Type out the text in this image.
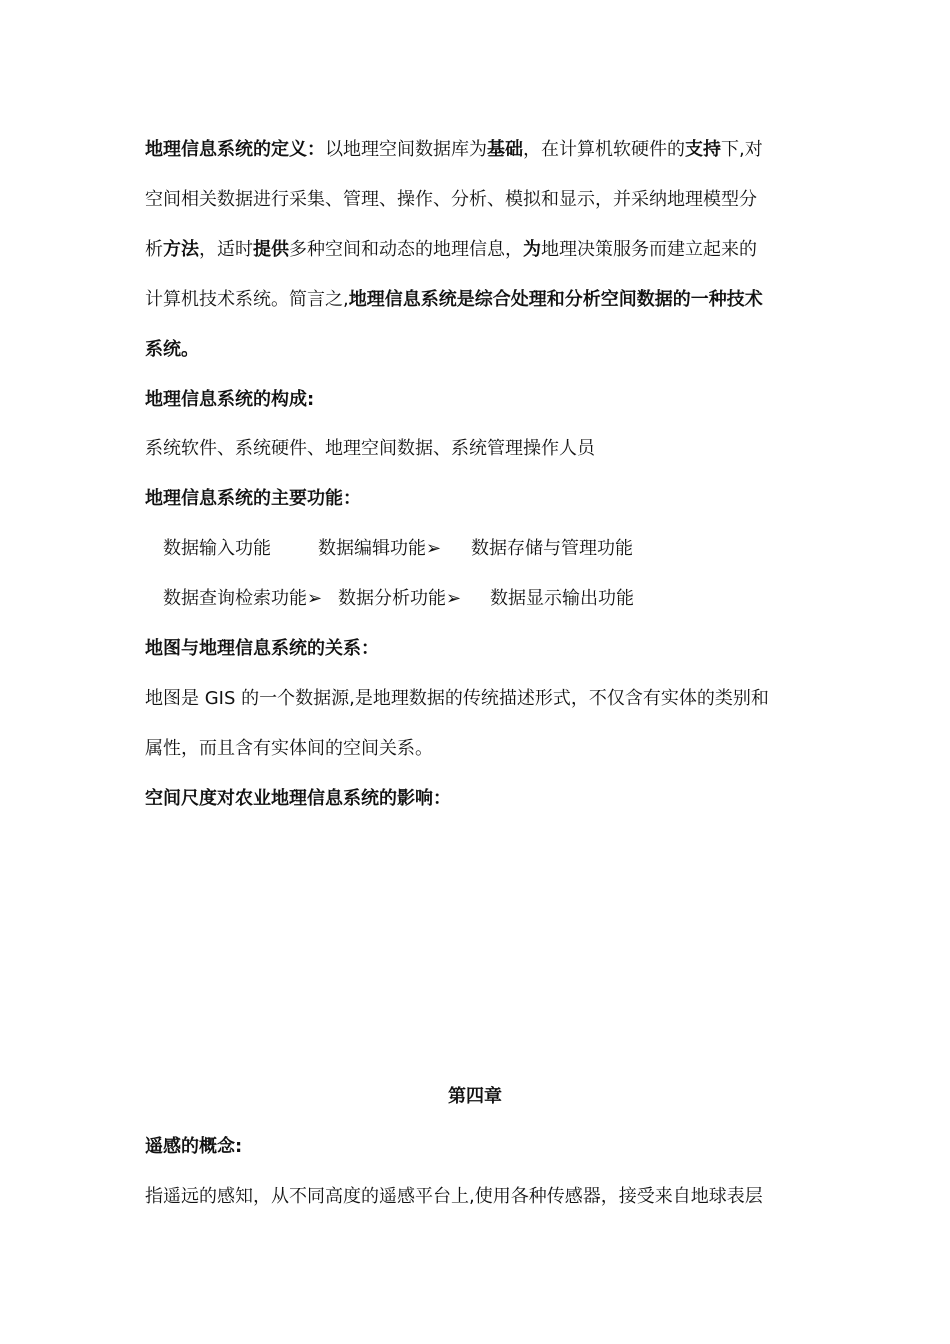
地理信息系统的定义：以地理空间数据库为基础，在计算机软硬件的支持下,对
空间相关数据进行采集、管理、操作、分析、模拟和显示，并采纳地理模型分
析方法，适时提供多种空间和动态的地理信息，为地理决策服务而建立起来的
计算机技术系统。简言之,地理信息系统是综合处理和分析空间数据的一种技术
系统。
地理信息系统的构成:
系统软件、系统硬件、地理空间数据、系统管理操作人员
地理信息系统的主要功能：
数据输入功能	数据编辑功能➢ 数据存储与管理功能
数据查询检索功能➢ 数据分析功能➢ 数据显示输出功能
地图与地理信息系统的关系：
地图是 GIS 的一个数据源,是地理数据的传统描述形式，不仅含有实体的类别和
属性，而且含有实体间的空间关系。
空间尺度对农业地理信息系统的影响：
第四章
遥感的概念:
指遥远的感知，从不同高度的遥感平台上,使用各种传感器，接受来自地球表层
